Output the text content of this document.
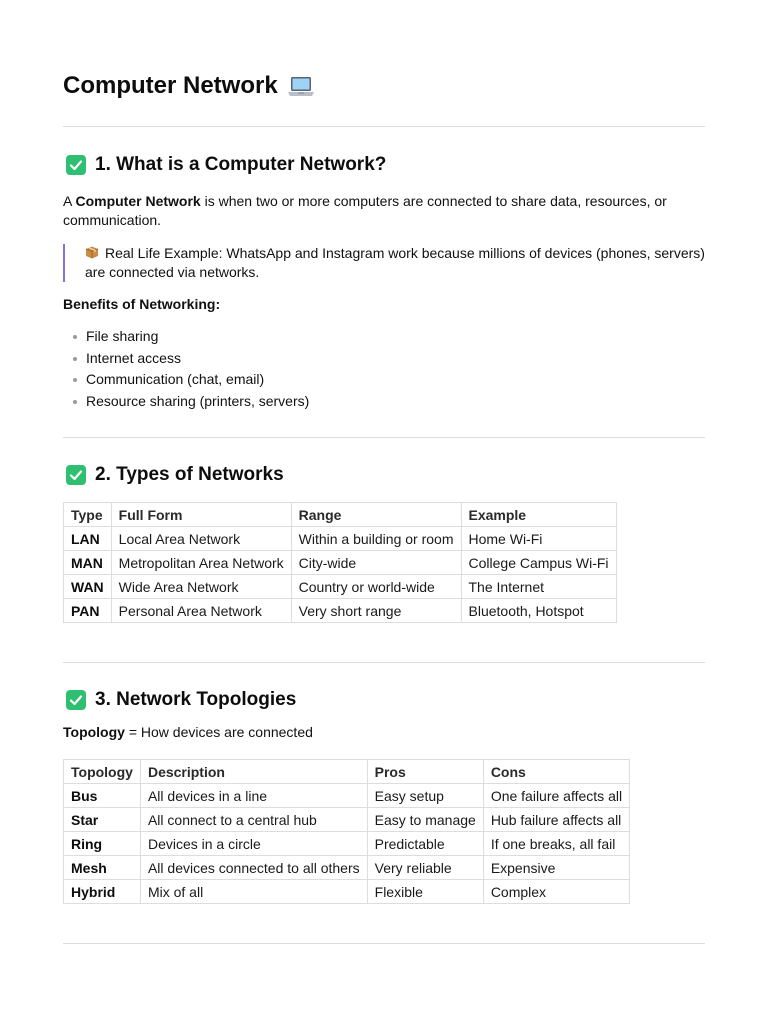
Computer Network
1. What is a Computer Network?

A Computer Network is when two or more computers are connected to share data, resources, or communication.

Real Life Example: WhatsApp and Instagram work because millions of devices (phones, servers) are connected via networks.

Benefits of Networking:

File sharing
Internet access
Communication (chat, email)
Resource sharing (printers, servers)
2. Types of Networks
Type	Full Form	Range	Example
LAN	Local Area Network	Within a building or room	Home Wi-Fi
MAN	Metropolitan Area Network	City-wide	College Campus Wi-Fi
WAN	Wide Area Network	Country or world-wide	The Internet
PAN	Personal Area Network	Very short range	Bluetooth, Hotspot
3. Network Topologies

Topology = How devices are connected

Topology	Description	Pros	Cons
Bus	All devices in a line	Easy setup	One failure affects all
Star	All connect to a central hub	Easy to manage	Hub failure affects all
Ring	Devices in a circle	Predictable	If one breaks, all fail
Mesh	All devices connected to all others	Very reliable	Expensive
Hybrid	Mix of all	Flexible	Complex
